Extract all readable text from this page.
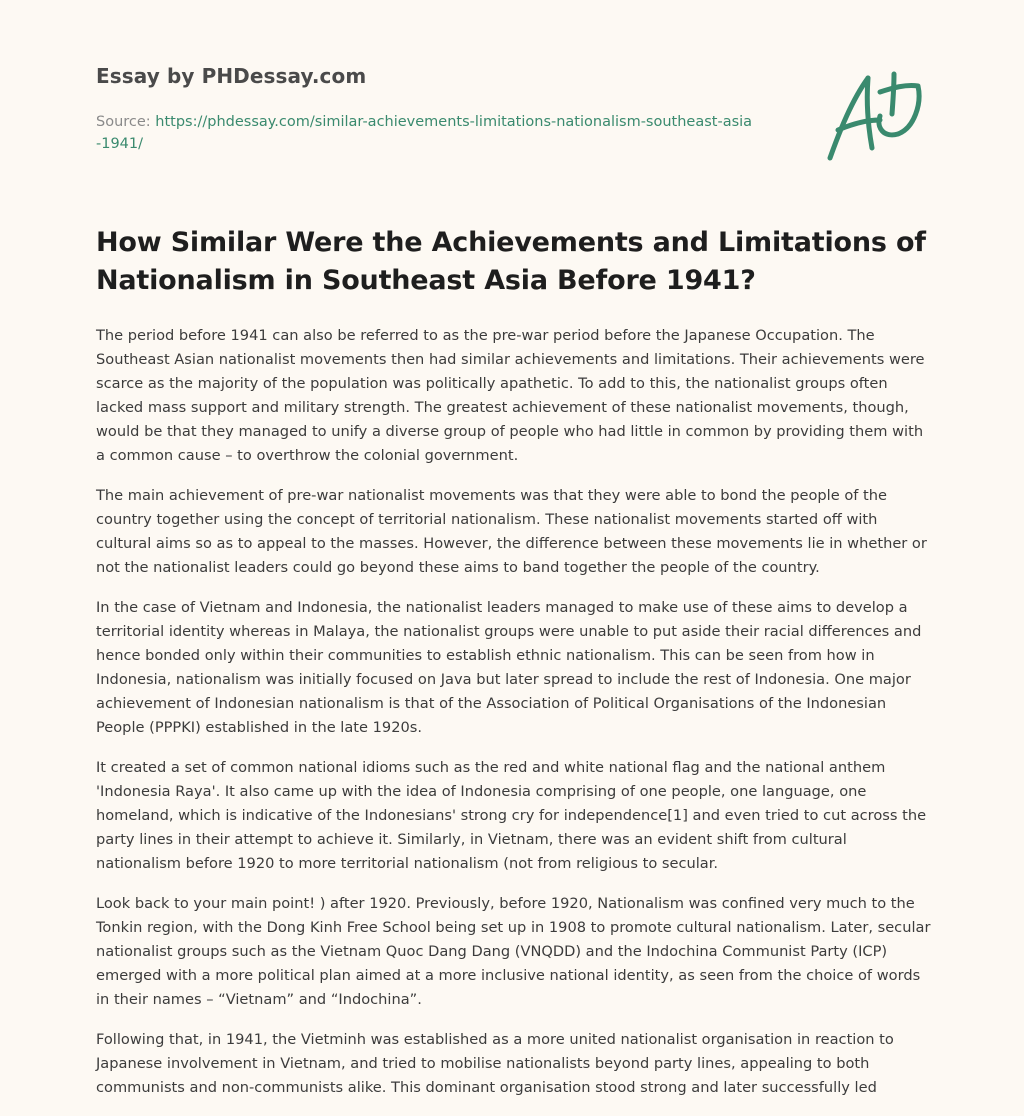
Essay by PHDessay.com

Source: https://phdessay.com/similar-achievements-limitations-nationalism-southeast-asia-1941/

How Similar Were the Achievements and Limitations of Nationalism in Southeast Asia Before 1941?

The period before 1941 can also be referred to as the pre-war period before the Japanese Occupation. The Southeast Asian nationalist movements then had similar achievements and limitations. Their achievements were scarce as the majority of the population was politically apathetic. To add to this, the nationalist groups often lacked mass support and military strength. The greatest achievement of these nationalist movements, though, would be that they managed to unify a diverse group of people who had little in common by providing them with a common cause – to overthrow the colonial government.

The main achievement of pre-war nationalist movements was that they were able to bond the people of the country together using the concept of territorial nationalism. These nationalist movements started off with cultural aims so as to appeal to the masses. However, the difference between these movements lie in whether or not the nationalist leaders could go beyond these aims to band together the people of the country.

In the case of Vietnam and Indonesia, the nationalist leaders managed to make use of these aims to develop a territorial identity whereas in Malaya, the nationalist groups were unable to put aside their racial differences and hence bonded only within their communities to establish ethnic nationalism. This can be seen from how in Indonesia, nationalism was initially focused on Java but later spread to include the rest of Indonesia. One major achievement of Indonesian nationalism is that of the Association of Political Organisations of the Indonesian People (PPPKI) established in the late 1920s.

It created a set of common national idioms such as the red and white national flag and the national anthem 'Indonesia Raya'. It also came up with the idea of Indonesia comprising of one people, one language, one homeland, which is indicative of the Indonesians' strong cry for independence[1] and even tried to cut across the party lines in their attempt to achieve it. Similarly, in Vietnam, there was an evident shift from cultural nationalism before 1920 to more territorial nationalism (not from religious to secular.

Look back to your main point! ) after 1920. Previously, before 1920, Nationalism was confined very much to the Tonkin region, with the Dong Kinh Free School being set up in 1908 to promote cultural nationalism. Later, secular nationalist groups such as the Vietnam Quoc Dang Dang (VNQDD) and the Indochina Communist Party (ICP) emerged with a more political plan aimed at a more inclusive national identity, as seen from the choice of words in their names – “Vietnam” and “Indochina”.

Following that, in 1941, the Vietminh was established as a more united nationalist organisation in reaction to Japanese involvement in Vietnam, and tried to mobilise nationalists beyond party lines, appealing to both communists and non-communists alike. This dominant organisation stood strong and later successfully led
